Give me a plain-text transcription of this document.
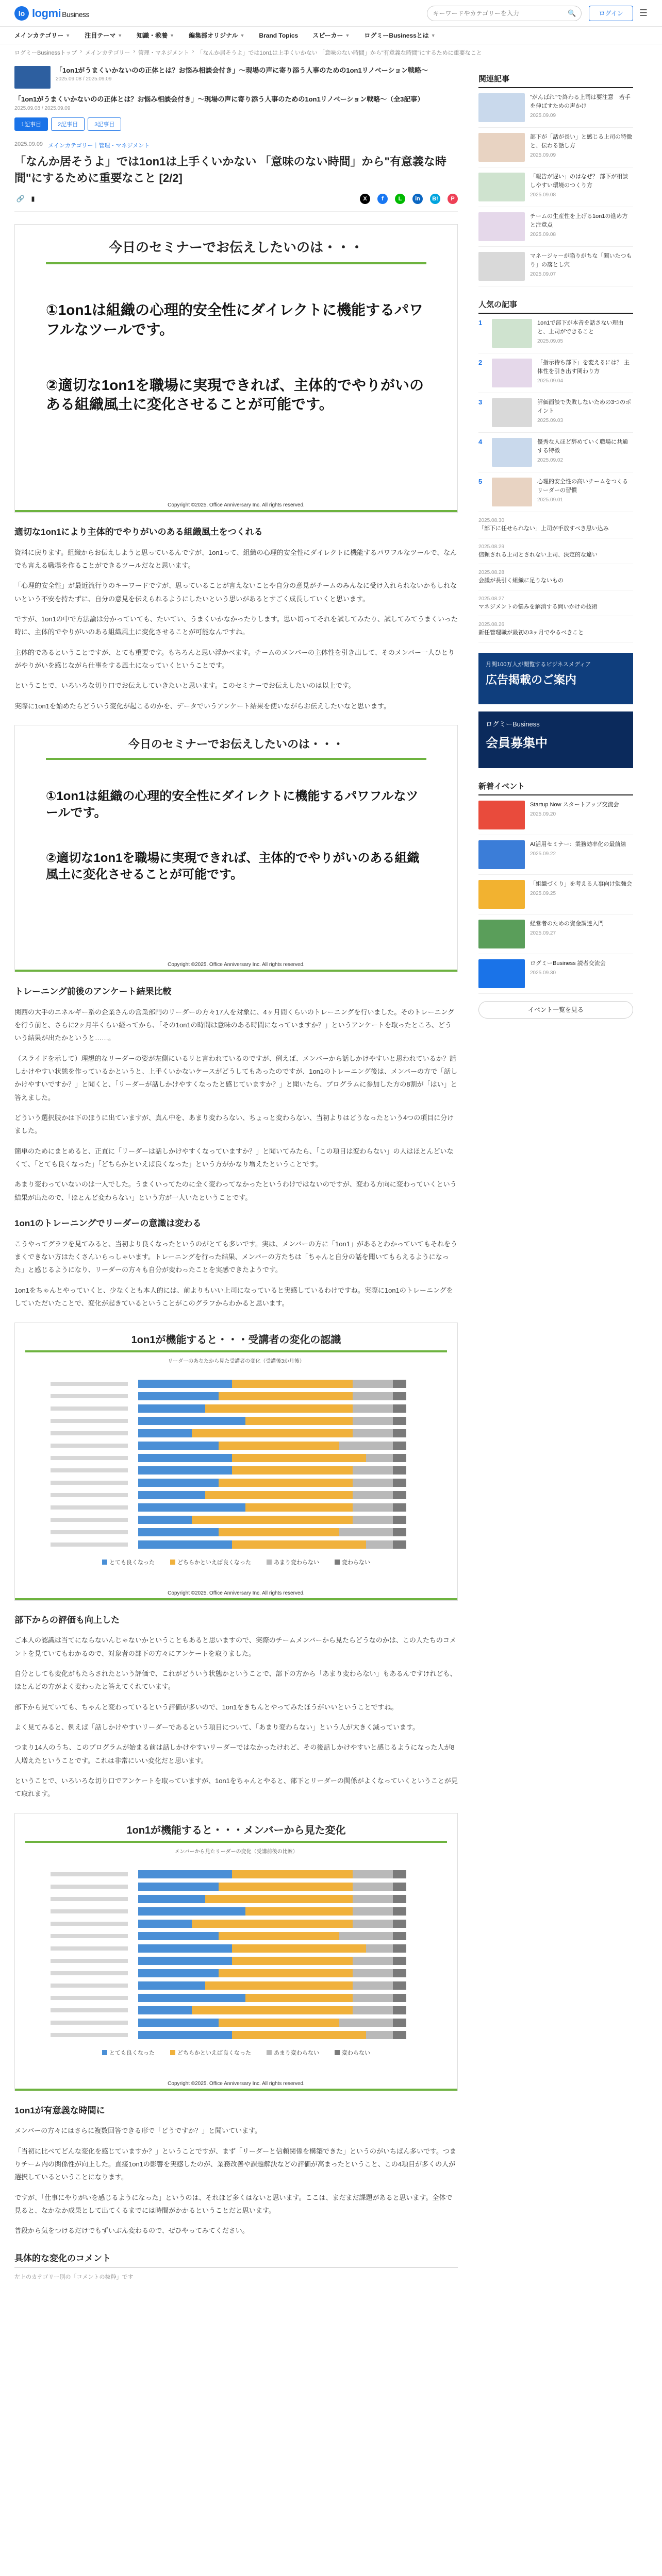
lo logmi Business
キーワードやカテゴリーを入力	🔍	ログイン	☰
メインカテゴリー ▼ 注目テーマ ▼ 知識・教養 ▼ 編集部オリジナル ▼ Brand Topics スピーカー ▼ ログミーBusinessとは ▼
ログミーBusinessトップ › メインカテゴリー › 管理・マネジメント › 「なんか居そうよ」では1on1は上手くいかない 「意味のない時間」から"有意義な時間"にするために重要なこと
「1on1がうまくいかないのの正体とは？お悩み相談会付き」〜現場の声に寄り添う人事のための1on1リノベーション戦略〜
2025.09.08 / 2025.09.09
「1on1がうまくいかないのの正体とは？お悩み相談会付き」〜現場の声に寄り添う人事のための1on1リノベーション戦略〜（全3記事）
2025.09.08 / 2025.09.09
1記事目	2記事目	3記事目
2025.09.09 メインカテゴリー｜管理・マネジメント
「なんか居そうよ」では1on1は上手くいかない 「意味のない時間」から"有意義な時間"にするために重要なこと [2/2]
🔗 ▮	X	f	L	in	B!	P
今日のセミナーでお伝えしたいのは・・・
①1on1は組織の心理的安全性にダイレクトに機能するパワフルなツールです。
②適切な1on1を職場に実現できれば、主体的でやりがいのある組織風土に変化させることが可能です。
Copyright ©2025. Office Anniversary Inc. All rights reserved.
適切な1on1により主体的でやりがいのある組織風土をつくれる

資料に戻ります。組織からお伝えしようと思っているんですが、1on1って、組織の心理的安全性にダイレクトに機能するパワフルなツールで、なんでも言える職場を作ることができるツールだなと思います。

「心理的安全性」が最近流行りのキーワードですが、思っていることが言えないことや自分の意見がチームのみんなに受け入れられないかもしれないという不安を持たずに、自分の意見を伝えられるようにしたいという思いがあるとすごく成長していくと思います。

ですが、1on1の中で方法論は分かっていても、たいてい、うまくいかなかったりします。思い切ってそれを試してみたり、試してみてうまくいった時に、主体的でやりがいのある組織風土に変化させることが可能なんですね。

主体的であるということですが、とても重要です。もちろんと思い浮かべます。チームのメンバーの主体性を引き出して、そのメンバー一人ひとりがやりがいを感じながら仕事をする風土になっていくということです。

ということで、いろいろな切り口でお伝えしていきたいと思います。このセミナーでお伝えしたいのは以上です。

実際に1on1を始めたらどういう変化が起こるのかを、データでいうアンケート結果を使いながらお伝えしたいなと思います。

今日のセミナーでお伝えしたいのは・・・
①1on1は組織の心理的安全性にダイレクトに機能するパワフルなツールです。
②適切な1on1を職場に実現できれば、主体的でやりがいのある組織風土に変化させることが可能です。
Copyright ©2025. Office Anniversary Inc. All rights reserved.
トレーニング前後のアンケート結果比較

関西の大手のエネルギー系の企業さんの営業部門のリーダーの方々17人を対象に、4ヶ月間くらいのトレーニングを行いました。そのトレーニングを行う前と、さらに2ヶ月半くらい経ってから、「その1on1の時間は意味のある時間になっていますか？」というアンケートを取ったところ、どういう結果が出たかというと……。

（スライドを示して）理想的なリーダーの姿が左側にいるリと言われているのですが、例えば、メンバーから話しかけやすいと思われているか？話しかけやすい状態を作っているかというと、上手くいかないケースがどうしてもあったのですが、1on1のトレーニング後は、メンバーの方で「話しかけやすいですか？」と聞くと、「リーダーが話しかけやすくなったと感じていますか？」と聞いたら、プログラムに参加した方の8割が「はい」と答えました。

どういう選択肢かは下のほうに出ていますが、真ん中を、あまり変わらない、ちょっと変わらない、当初よりはどうなったという4つの項目に分けました。

簡単のためにまとめると、正直に「リーダーは話しかけやすくなっていますか？」と聞いてみたら、「この項目は変わらない」の人はほとんどいなくて、「とても良くなった」「どちらかといえば良くなった」という方がかなり増えたということです。

あまり変わっていないのは一人でした。うまくいってたのに全く変わってなかったというわけではないのですが、変わる方向に変わっていくという結果が出たので、「ほとんど変わらない」という方が一人いたということです。

1on1のトレーニングでリーダーの意識は変わる

こうやってグラフを見てみると、当初より良くなったというのがとても多いです。実は、メンバーの方に「1on1」があるとわかっていてもそれをうまくできない方はたくさんいらっしゃいます。トレーニングを行った結果、メンバーの方たちは「ちゃんと自分の話を聞いてもらえるようになった」と感じるようになり、リーダーの方々も自分が変わったことを実感できたようです。

1on1をちゃんとやっていくと、少なくとも本人的には、前よりもいい上司になっていると実感しているわけですね。実際に1on1のトレーニングをしていただいたことで、変化が起きているということがこのグラフからわかると思います。

1on1が機能すると・・・受講者の変化の認識
リーダーのあなたから見た受講者の変化（受講後3か月後）
とても良くなった	どちらかといえば良くなった	あまり変わらない	変わらない
Copyright ©2025. Office Anniversary Inc. All rights reserved.
部下からの評価も向上した

ご本人の認識は当てにならないんじゃないかということもあると思いますので、実際のチームメンバーから見たらどうなのかは、この人たちのコメントを見ていてもわかるので、対象者の部下の方々にアンケートを取りました。

自分としても変化がもたらされたという評価で、これがどういう状態かということで、部下の方から「あまり変わらない」もあるんですけれども、ほとんどの方がよく変わったと答えてくれています。

部下から見ていても、ちゃんと変わっているという評価が多いので、1on1をきちんとやってみたほうがいいということですね。

よく見てみると、例えば「話しかけやすいリーダーであるという項目について、「あまり変わらない」という人が大きく減っています。

つまり14人のうち、このプログラムが始まる前は話しかけやすいリーダーではなかったけれど、その後話しかけやすいと感じるようになった人が8人増えたということです。これは非常にいい変化だと思います。

ということで、いろいろな切り口でアンケートを取っていますが、1on1をちゃんとやると、部下とリーダーの関係がよくなっていくということが見て取れます。

1on1が機能すると・・・メンバーから見た変化
メンバーから見たリーダーの変化（受講前後の比較）
とても良くなった	どちらかといえば良くなった	あまり変わらない	変わらない
Copyright ©2025. Office Anniversary Inc. All rights reserved.
1on1が有意義な時間に

メンバーの方々にはさらに複数回答できる形で「どうですか？」と聞いています。

「当初に比べてどんな変化を感じていますか？」ということですが、まず「リーダーと信頼関係を構築できた」というのがいちばん多いです。つまりチーム内の関係性が向上した。直接1on1の影響を実感したのが、業務改善や課題解決などの評価が高まったということ、この4項目が多くの人が選択しているということになります。

ですが、「仕事にやりがいを感じるようになった」というのは、それほど多くはないと思います。ここは、まだまだ課題があると思います。全体で見ると、なかなか成果として出てくるまでには時間がかかるということだと思います。

普段から気をつけるだけでもずいぶん変わるので、ぜひやってみてください。

具体的な変化のコメント

左上のカテゴリー別の「コメントの抜粋」です

関連記事
"がんばれ"で終わる上司は要注意　若手を伸ばすための声かけ
2025.09.09
部下が「話が長い」と感じる上司の特徴と、伝わる話し方
2025.09.09
「報告が遅い」のはなぜ？ 部下が相談しやすい環境のつくり方
2025.09.08
チームの生産性を上げる1on1の進め方と注意点
2025.09.08
マネージャーが陥りがちな「聞いたつもり」の落とし穴
2025.09.07
人気の記事
1	1on1で部下が本音を話さない理由と、上司ができること
2025.09.05
2	「指示待ち部下」を変えるには？ 主体性を引き出す関わり方
2025.09.04
3	評価面談で失敗しないための3つのポイント
2025.09.03
4	優秀な人ほど辞めていく職場に共通する特徴
2025.09.02
5	心理的安全性の高いチームをつくるリーダーの習慣
2025.09.01
2025.08.30
「部下に任せられない」上司が手放すべき思い込み
2025.08.29
信頼される上司とされない上司、決定的な違い
2025.08.28
会議が長引く組織に足りないもの
2025.08.27
マネジメントの悩みを解消する問いかけの技術
2025.08.26
新任管理職が最初の3ヶ月でやるべきこと
月間100万人が閲覧するビジネスメディア
広告掲載のご案内
ログミーBusiness
会員募集中
新着イベント
Startup Now スタートアップ交流会
2025.09.20
AI活用セミナー：業務効率化の最前線
2025.09.22
「組織づくり」を考える人事向け勉強会
2025.09.25
経営者のための資金調達入門
2025.09.27
ログミーBusiness 読者交流会
2025.09.30
イベント一覧を見る
